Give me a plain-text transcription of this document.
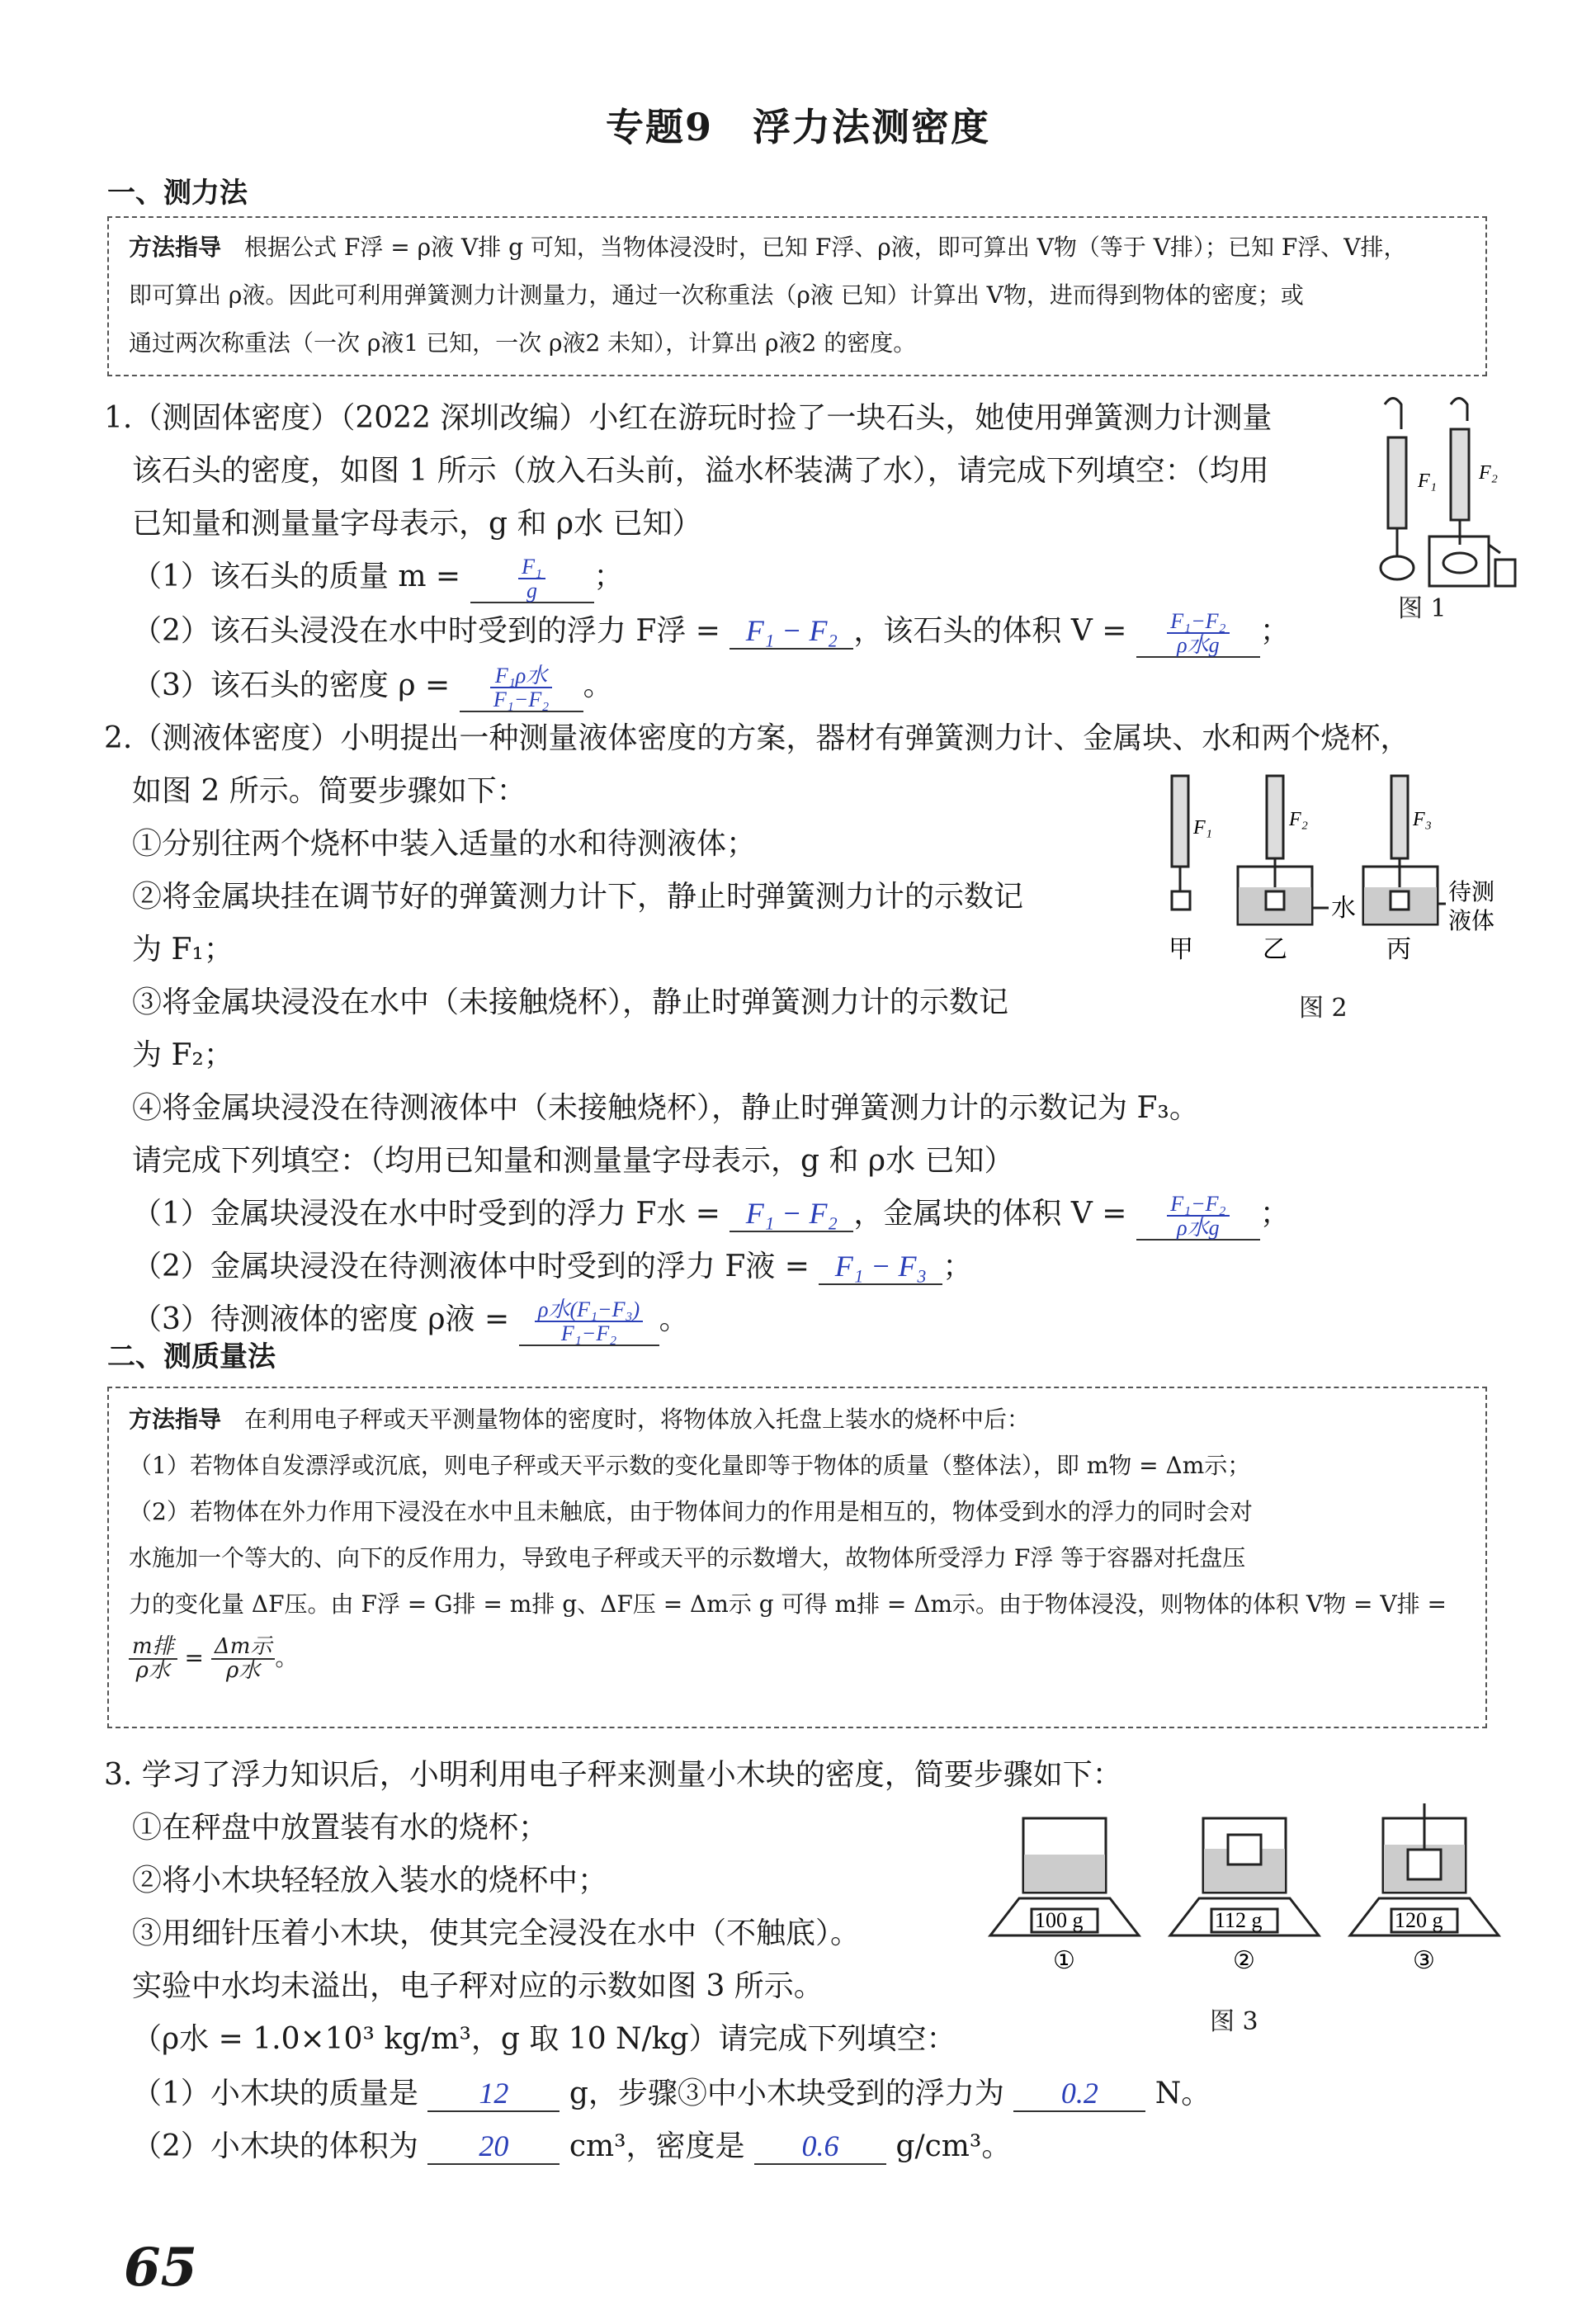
专题9　浮力法测密度
一、测力法
方法指导　 根据公式 F浮 = ρ液 V排 g 可知，当物体浸没时，已知 F浮、ρ液，即可算出 V物（等于 V排）；已知 F浮、V排，
即可算出 ρ液。因此可利用弹簧测力计测量力，通过一次称重法（ρ液 已知）计算出 V物，进而得到物体的密度；或
通过两次称重法（一次 ρ液1 已知，一次 ρ液2 未知），计算出 ρ液2 的密度。
1.（测固体密度）（2022 深圳改编）小红在游玩时捡了一块石头，她使用弹簧测力计测量
该石头的密度，如图 1 所示（放入石头前，溢水杯装满了水），请完成下列填空：（均用
已知量和测量量字母表示，g 和 ρ水 已知）
（1）该石头的质量 m =	$\frac{\text{F₁}}{g}$ ；
（2）该石头浸没在水中时受到的浮力 F浮 = F₁ − F₂ ，该石头的体积 $V = \frac{\text{F₁−F₂}}{\text{ρ水g}}$ ；
（3）该石头的密度 $\rho = \frac{\text{F₁ρ水}}{\text{F₁−F₂}}$ 。
F₁ F₂
图 1
2.（测液体密度）小明提出一种测量液体密度的方案，器材有弹簧测力计、金属块、水和两个烧杯，
如图 2 所示。简要步骤如下：
①分别往两个烧杯中装入适量的水和待测液体；
②将金属块挂在调节好的弹簧测力计下，静止时弹簧测力计的示数记
为 F₁；
③将金属块浸没在水中（未接触烧杯），静止时弹簧测力计的示数记
为 F₂；
④将金属块浸没在待测液体中（未接触烧杯），静止时弹簧测力计的示数记为 F₃。
请完成下列填空：（均用已知量和测量量字母表示，g 和 ρ水 已知）
（1）金属块浸没在水中时受到的浮力 F水 = F₁ − F₂ ，金属块的体积 $V = \frac{\text{F₁−F₂}}{\text{ρ水g}}$ ；
（2）金属块浸没在待测液体中时受到的浮力 F液 = F₁ − F₃ ；
（3）待测液体的密度 ρ液 = $\frac{\text{ρ水(F₁−F₃)}}{\text{F₁−F₂}}$ 。
F₁	F₂	F₃
水
待测
液体
甲	乙	丙
图 2
二、测质量法
方法指导　 在利用电子秤或天平测量物体的密度时，将物体放入托盘上装水的烧杯中后：
（1）若物体自发漂浮或沉底，则电子秤或天平示数的变化量即等于物体的质量（整体法），即 m物 = Δm示；
（2）若物体在外力作用下浸没在水中且未触底，由于物体间力的作用是相互的，物体受到水的浮力的同时会对
水施加一个等大的、向下的反作用力，导致电子秤或天平的示数增大，故物体所受浮力 F浮 等于容器对托盘压
力的变化量 ΔF压。由 F浮 = G排 = m排 g、ΔF压 = Δm示 g 可得 m排 = Δm示。由于物体浸没，则物体的体积 V物 = V排 =
$\frac{\text{m排}}{\text{ρ水}} = \frac{\text{Δm示}}{\text{ρ水}}$ 。
3. 学习了浮力知识后，小明利用电子秤来测量小木块的密度，简要步骤如下：
①在秤盘中放置装有水的烧杯；
②将小木块轻轻放入装水的烧杯中；
③用细针压着小木块，使其完全浸没在水中（不触底）。
实验中水均未溢出，电子秤对应的示数如图 3 所示。
（ρ水 = 1.0×10³ kg/m³，g 取 10 N/kg）请完成下列填空：
（1）小木块的质量是 12 g，步骤③中小木块受到的浮力为 0.2 N。
（2）小木块的体积为 20 cm³，密度是 0.6 g/cm³。
100 g	112 g	120 g
①	②	③
图 3
65
